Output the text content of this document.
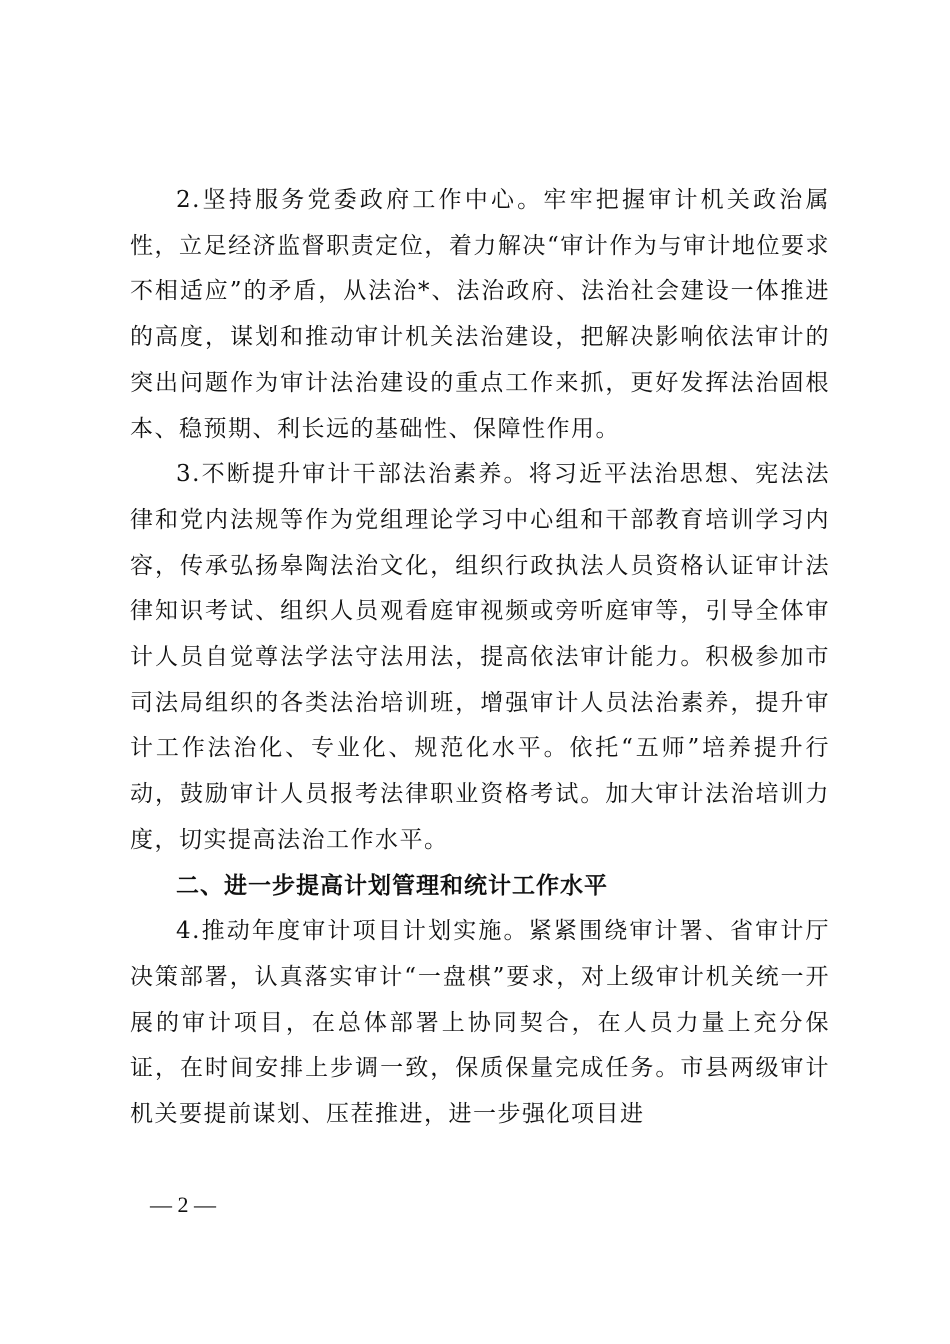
2.坚持服务党委政府工作中心。牢牢把握审计机关政治属性，立足经济监督职责定位，着力解决“审计作为与审计地位要求不相适应”的矛盾，从法治*、法治政府、法治社会建设一体推进的高度，谋划和推动审计机关法治建设，把解决影响依法审计的突出问题作为审计法治建设的重点工作来抓，更好发挥法治固根本、稳预期、利长远的基础性、保障性作用。

3.不断提升审计干部法治素养。将习近平法治思想、宪法法律和党内法规等作为党组理论学习中心组和干部教育培训学习内容，传承弘扬皋陶法治文化，组织行政执法人员资格认证审计法律知识考试、组织人员观看庭审视频或旁听庭审等，引导全体审计人员自觉尊法学法守法用法，提高依法审计能力。积极参加市司法局组织的各类法治培训班，增强审计人员法治素养，提升审计工作法治化、专业化、规范化水平。依托“五师”培养提升行动，鼓励审计人员报考法律职业资格考试。加大审计法治培训力度，切实提高法治工作水平。

二、进一步提高计划管理和统计工作水平

4.推动年度审计项目计划实施。紧紧围绕审计署、省审计厅决策部署，认真落实审计“一盘棋”要求，对上级审计机关统一开展的审计项目，在总体部署上协同契合，在人员力量上充分保证，在时间安排上步调一致，保质保量完成任务。市县两级审计机关要提前谋划、压茬推进，进一步强化项目进

— 2 —
